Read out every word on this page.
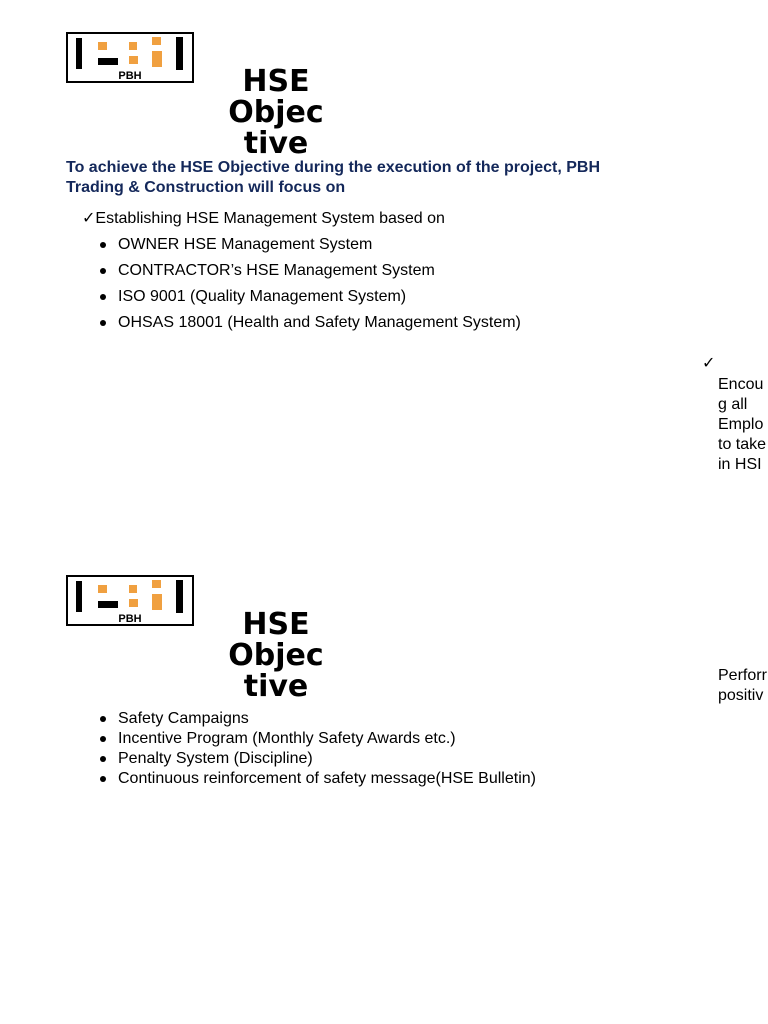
PBH	HSE
Objec
tive
To achieve the HSE Objective during the execution of the project, PBH
Trading & Construction will focus on
✓Establishing HSE Management System based on
OWNER HSE Management System
CONTRACTOR’s HSE Management System
ISO 9001 (Quality Management System)
OHSAS 18001 (Health and Safety Management System)
✓
Encou
g all
Emplo
to take
in HSI
PBH	HSE
Objec
tive
Safety Campaigns
Incentive Program (Monthly Safety Awards etc.)
Penalty System (Discipline)
Continuous reinforcement of safety message(HSE Bulletin)
Perforr
positiv
